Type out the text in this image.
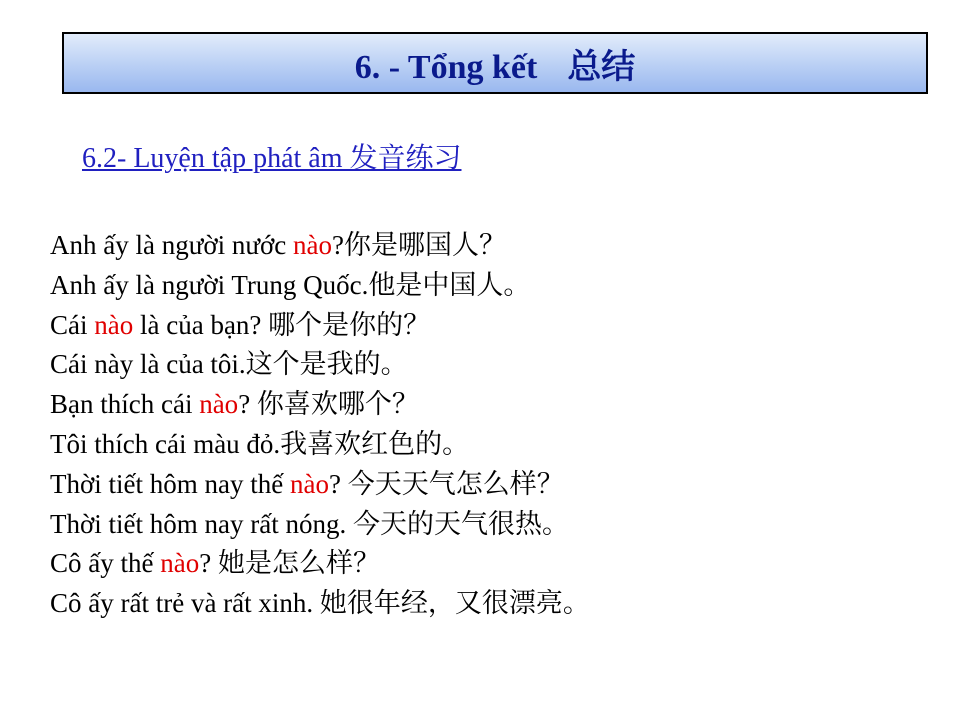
6. - Tổng kết 总结
6.2- Luyện tập phát âm 发音练习
Anh ấy là người nước nào?你是哪国人？
Anh ấy là người Trung Quốc.他是中国人。
Cái nào là của bạn? 哪个是你的？
Cái này là của tôi.这个是我的。
Bạn thích cái nào? 你喜欢哪个？
Tôi thích cái màu đỏ.我喜欢红色的。
Thời tiết hôm nay thế nào? 今天天气怎么样？
Thời tiết hôm nay rất nóng. 今天的天气很热。
Cô ấy thế nào? 她是怎么样？
Cô ấy rất trẻ và rất xinh. 她很年经，又很漂亮。
